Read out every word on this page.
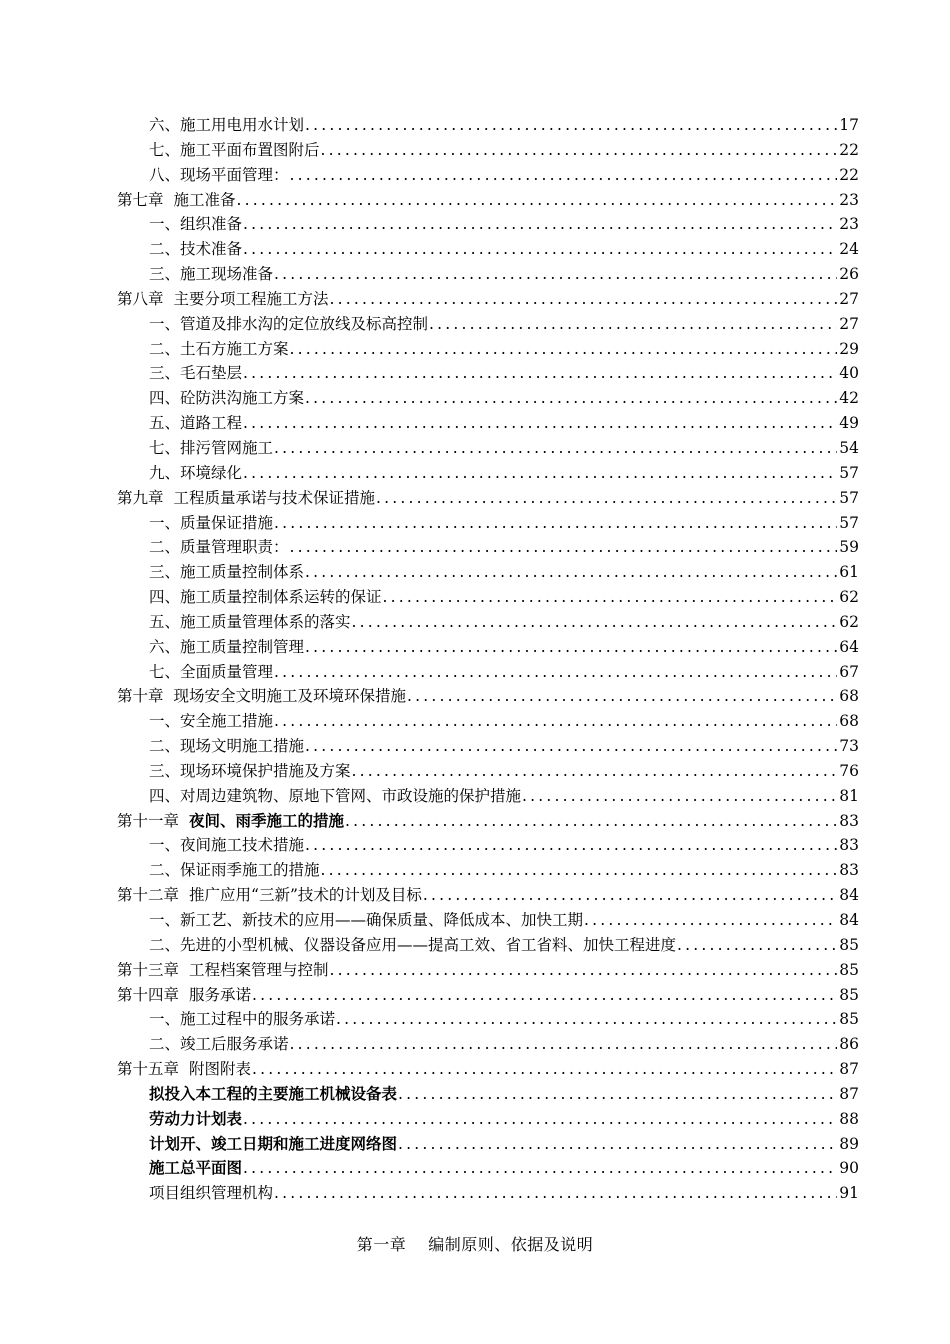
六、施工用电用水计划 .....	17
七、施工平面布置图附后 .....	22
八、现场平面管理： .....	22
第七章 施工准备 .....	23
一、组织准备 .....	23
二、技术准备 .....	24
三、施工现场准备 .....	26
第八章 主要分项工程施工方法 .....	27
一、管道及排水沟的定位放线及标高控制 .....	27
二、土石方施工方案 .....	29
三、毛石垫层 .....	40
四、砼防洪沟施工方案 .....	42
五、道路工程 .....	49
七、排污管网施工 .....	54
九、环境绿化 .....	57
第九章 工程质量承诺与技术保证措施 .....	57
一、质量保证措施 .....	57
二、质量管理职责： .....	59
三、施工质量控制体系 .....	61
四、施工质量控制体系运转的保证 .....	62
五、施工质量管理体系的落实 .....	62
六、施工质量控制管理 .....	64
七、全面质量管理 .....	67
第十章 现场安全文明施工及环境环保措施 .....	68
一、安全施工措施 .....	68
二、现场文明施工措施 .....	73
三、现场环境保护措施及方案 .....	76
四、对周边建筑物、原地下管网、市政设施的保护措施 .....	81
第十一章 夜间、雨季施工的措施 .....	83
一、夜间施工技术措施 .....	83
二、保证雨季施工的措施 .....	83
第十二章 推广应用“三新”技术的计划及目标 .....	84
一、新工艺、新技术的应用——确保质量、降低成本、加快工期 .....	84
二、先进的小型机械、仪器设备应用——提高工效、省工省料、加快工程进度 .....	85
第十三章 工程档案管理与控制 .....	85
第十四章 服务承诺 .....	85
一、施工过程中的服务承诺 .....	85
二、竣工后服务承诺 .....	86
第十五章 附图附表 .....	87
拟投入本工程的主要施工机械设备表 .....	87
劳动力计划表 .....	88
计划开、竣工日期和施工进度网络图 .....	89
施工总平面图 .....	90
项目组织管理机构 .....	91
第一章 编制原则、依据及说明
